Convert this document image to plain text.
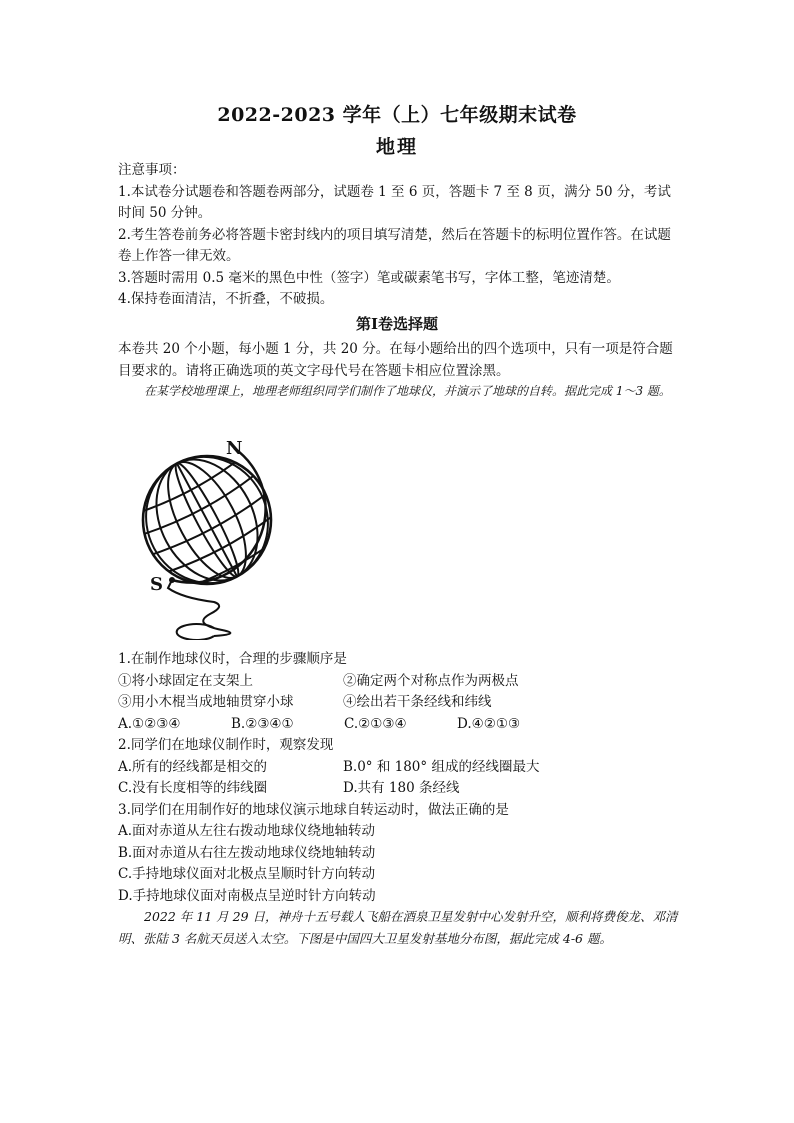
2022-2023 学年（上）七年级期末试卷
地理

注意事项：

1.本试卷分试题卷和答题卷两部分，试题卷 1 至 6 页，答题卡 7 至 8 页，满分 50 分，考试时间 50 分钟。

2.考生答卷前务必将答题卡密封线内的项目填写清楚，然后在答题卡的标明位置作答。在试题卷上作答一律无效。

3.答题时需用 0.5 毫米的黑色中性（签字）笔或碳素笔书写，字体工整，笔迹清楚。

4.保持卷面清洁，不折叠，不破损。

第Ⅰ卷选择题
本卷共 20 个小题，每小题 1 分，共 20 分。在每小题给出的四个选项中，只有一项是符合题目要求的。请将正确选项的英文字母代号在答题卡相应位置涂黑。
在某学校地理课上，地理老师组织同学们制作了地球仪，并演示了地球的自转。据此完成 1～3 题。
N
S

1.在制作地球仪时，合理的步骤顺序是

①将小球固定在支架上	②确定两个对称点作为两极点
③用小木棍当成地轴贯穿小球	④绘出若干条经线和纬线
A.①②③④	B.②③④①	C.②①③④	D.④②①③

2.同学们在地球仪制作时，观察发现

A.所有的经线都是相交的	B.0° 和 180° 组成的经线圈最大
C.没有长度相等的纬线圈	D.共有 180 条经线

3.同学们在用制作好的地球仪演示地球自转运动时，做法正确的是

A.面对赤道从左往右拨动地球仪绕地轴转动

B.面对赤道从右往左拨动地球仪绕地轴转动

C.手持地球仪面对北极点呈顺时针方向转动

D.手持地球仪面对南极点呈逆时针方向转动

2022 年 11 月 29 日，神舟十五号载人飞船在酒泉卫星发射中心发射升空，顺利将费俊龙、邓清明、张陆 3 名航天员送入太空。下图是中国四大卫星发射基地分布图，据此完成 4-6 题。
